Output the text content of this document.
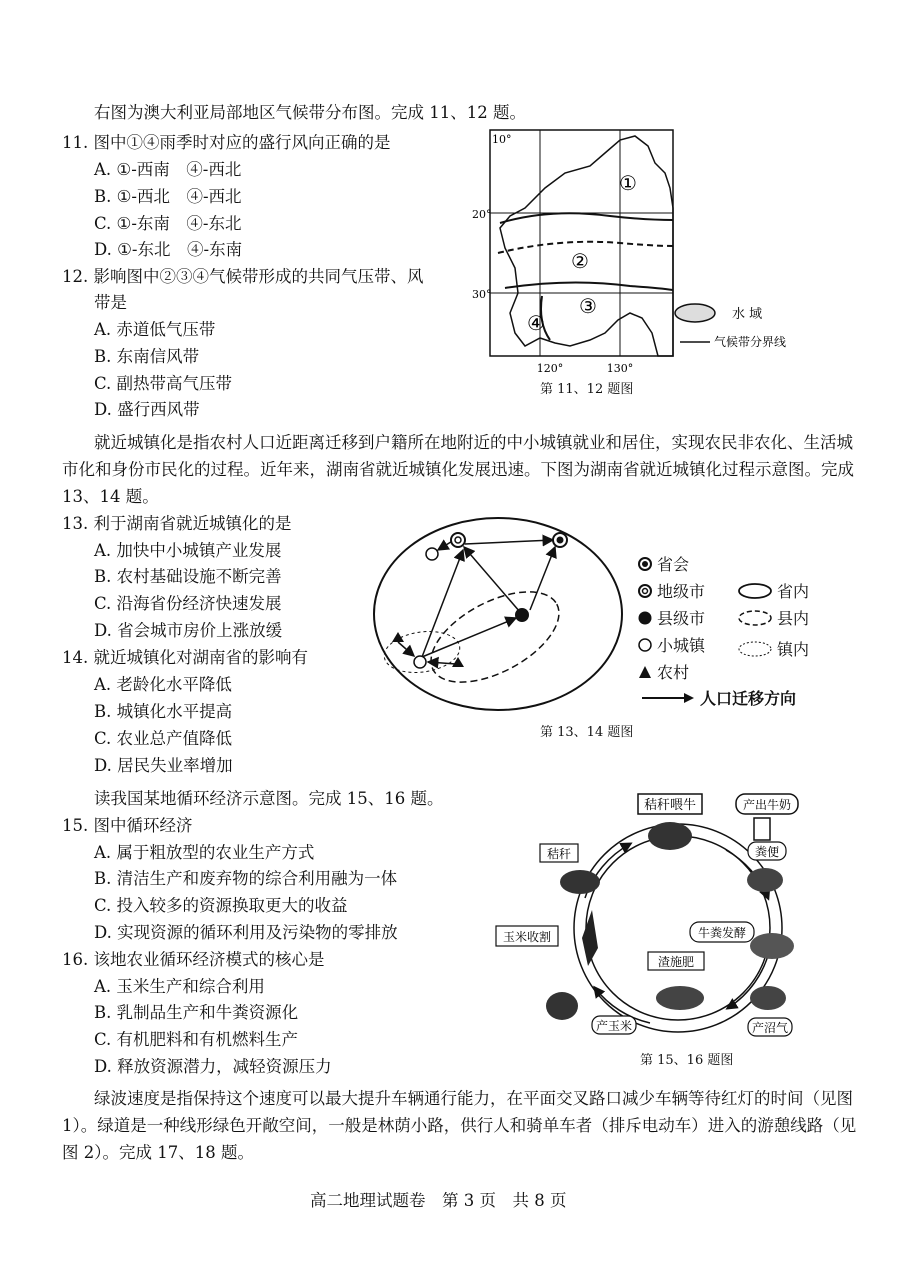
右图为澳大利亚局部地区气候带分布图。完成 11、12 题。
11. 图中①④雨季时对应的盛行风向正确的是
A. ①-西南　④-西北
B. ①-西北　④-西北
C. ①-东南　④-东北
D. ①-东北　④-东南
12. 影响图中②③④气候带形成的共同气压带、风
带是
A. 赤道低气压带
B. 东南信风带
C. 副热带高气压带
D. 盛行西风带
①
②
③
④
10°
20°
30°
120°	130°
水 域
气候带分界线
第 11、12 题图
就近城镇化是指农村人口近距离迁移到户籍所在地附近的中小城镇就业和居住，实现农民非农化、生活城市化和身份市民化的过程。近年来，湖南省就近城镇化发展迅速。下图为湖南省就近城镇化过程示意图。完成 13、14 题。
13. 利于湖南省就近城镇化的是
A. 加快中小城镇产业发展
B. 农村基础设施不断完善
C. 沿海省份经济快速发展
D. 省会城市房价上涨放缓
14. 就近城镇化对湖南省的影响有
A. 老龄化水平降低
B. 城镇化水平提高
C. 农业总产值降低
D. 居民失业率增加
省会
地级市
县级市
小城镇
农村
省内
县内
镇内
人口迁移方向
第 13、14 题图
读我国某地循环经济示意图。完成 15、16 题。
15. 图中循环经济
A. 属于粗放型的农业生产方式
B. 清洁生产和废弃物的综合利用融为一体
C. 投入较多的资源换取更大的收益
D. 实现资源的循环利用及污染物的零排放
16. 该地农业循环经济模式的核心是
A. 玉米生产和综合利用
B. 乳制品生产和牛粪资源化
C. 有机肥料和有机燃料生产
D. 释放资源潜力，减轻资源压力
秸秆喂牛	产出牛奶
粪便
牛粪发酵
产沼气
渣施肥
产玉米
玉米收割
秸秆
第 15、16 题图
绿波速度是指保持这个速度可以最大提升车辆通行能力，在平面交叉路口减少车辆等待红灯的时间（见图 1）。绿道是一种线形绿色开敞空间，一般是林荫小路，供行人和骑单车者（排斥电动车）进入的游憩线路（见图 2）。完成 17、18 题。
高二地理试题卷　第 3 页　共 8 页
